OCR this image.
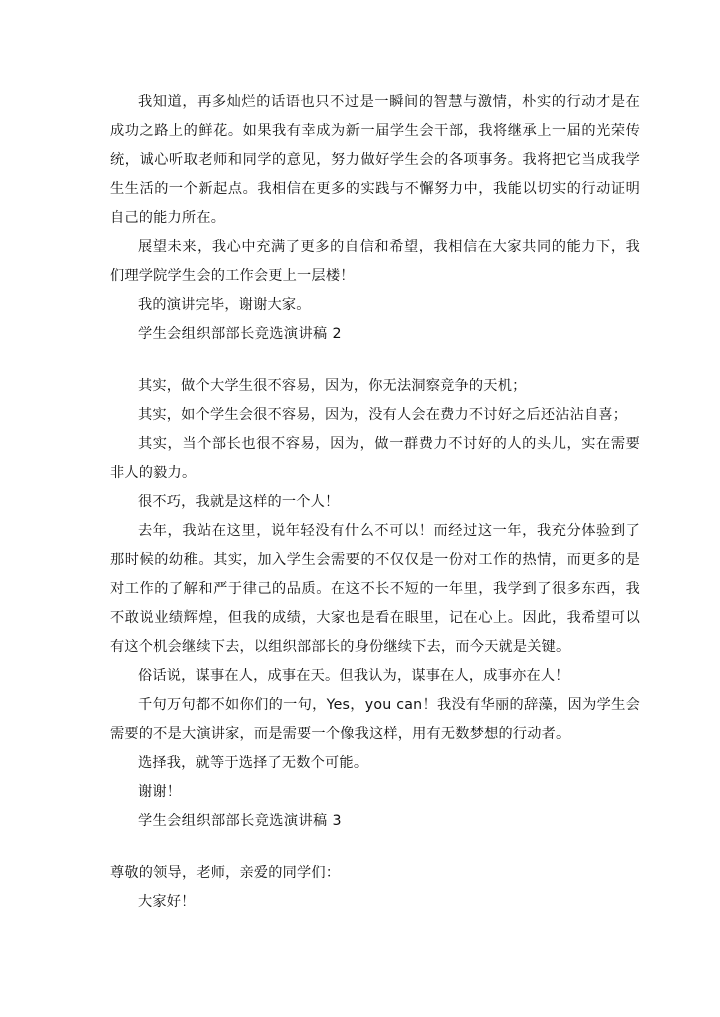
我知道，再多灿烂的话语也只不过是一瞬间的智慧与激情，朴实的行动才是在成功之路上的鲜花。如果我有幸成为新一届学生会干部，我将继承上一届的光荣传统，诚心听取老师和同学的意见，努力做好学生会的各项事务。我将把它当成我学生生活的一个新起点。我相信在更多的实践与不懈努力中，我能以切实的行动证明自己的能力所在。

展望未来，我心中充满了更多的自信和希望，我相信在大家共同的能力下，我们理学院学生会的工作会更上一层楼！

我的演讲完毕，谢谢大家。

学生会组织部部长竞选演讲稿 2

其实，做个大学生很不容易，因为，你无法洞察竞争的天机；

其实，如个学生会很不容易，因为，没有人会在费力不讨好之后还沾沾自喜；

其实，当个部长也很不容易，因为，做一群费力不讨好的人的头儿，实在需要非人的毅力。

很不巧，我就是这样的一个人！

去年，我站在这里，说年轻没有什么不可以！而经过这一年，我充分体验到了那时候的幼稚。其实，加入学生会需要的不仅仅是一份对工作的热情，而更多的是对工作的了解和严于律己的品质。在这不长不短的一年里，我学到了很多东西，我不敢说业绩辉煌，但我的成绩，大家也是看在眼里，记在心上。因此，我希望可以有这个机会继续下去，以组织部部长的身份继续下去，而今天就是关键。

俗话说，谋事在人，成事在天。但我认为，谋事在人，成事亦在人！

千句万句都不如你们的一句，Yes，you can！我没有华丽的辞藻，因为学生会需要的不是大演讲家，而是需要一个像我这样，用有无数梦想的行动者。

选择我，就等于选择了无数个可能。

谢谢！

学生会组织部部长竞选演讲稿 3

尊敬的领导，老师，亲爱的同学们：

大家好！
